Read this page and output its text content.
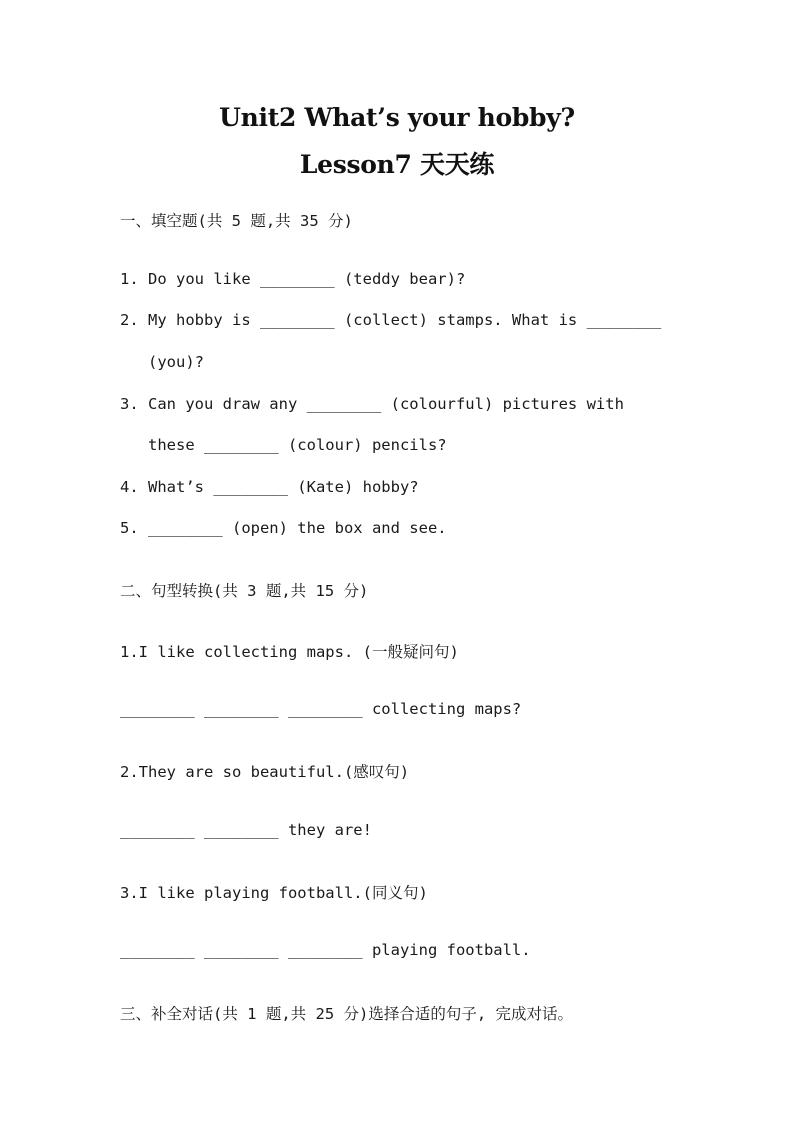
Unit2 What’s your hobby?
Lesson7 天天练
一、填空题(共 5 题,共 35 分)
1. Do you like ________ (teddy bear)?
2. My hobby is ________ (collect) stamps. What is ________
(you)?
3. Can you draw any ________ (colourful) pictures with
these ________ (colour) pencils?
4. What’s ________ (Kate) hobby?
5. ________ (open) the box and see.
二、句型转换(共 3 题,共 15 分)
1.I like collecting maps. (一般疑问句)
________ ________ ________ collecting maps?
2.They are so beautiful.(感叹句)
________ ________ they are!
3.I like playing football.(同义句)
________ ________ ________ playing football.
三、补全对话(共 1 题,共 25 分)选择合适的句子, 完成对话。
